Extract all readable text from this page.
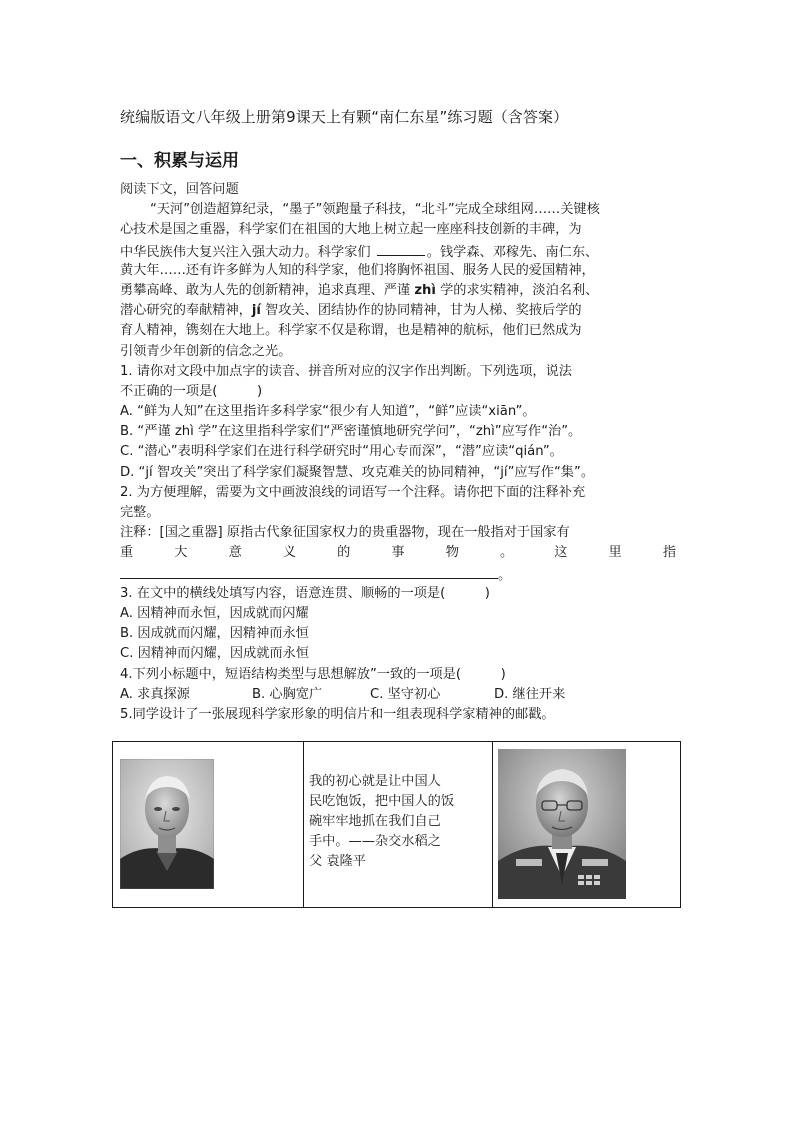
统编版语文八年级上册第9课天上有颗“南仁东星”练习题（含答案）
一、积累与运用
阅读下文，回答问题
“天河”创造超算纪录，“墨子”领跑量子科技，“北斗”完成全球组网……关键核
心技术是国之重器，科学家们在祖国的大地上树立起一座座科技创新的丰碑，为
中华民族伟大复兴注入强大动力。科学家们	。钱学森、邓稼先、南仁东、
黄大年……还有许多鲜为人知的科学家，他们将胸怀祖国、服务人民的爱国精神，
勇攀高峰、敢为人先的创新精神，追求真理、严谨 zhì 学的求实精神，淡泊名利、
潜心研究的奉献精神，jí 智攻关、团结协作的协同精神，甘为人梯、奖掖后学的
育人精神，镌刻在大地上。科学家不仅是称谓，也是精神的航标，他们已然成为
引领青少年创新的信念之光。
1. 请你对文段中加点字的读音、拼音所对应的汉字作出判断。下列选项，说法
不正确的一项是(　　　)
A. “鲜为人知”在这里指许多科学家“很少有人知道”，“鲜”应读“xiān”。
B. “严谨 zhì 学”在这里指科学家们“严密谨慎地研究学问”，“zhì”应写作“治”。
C. “潜心”表明科学家们在进行科学研究时“用心专而深”，“潜”应读“qián”。
D. “jí 智攻关”突出了科学家们凝聚智慧、攻克难关的协同精神，“jí”应写作“集”。
2. 为方便理解，需要为文中画波浪线的词语写一个注释。请你把下面的注释补充
完整。
注释：[国之重器] 原指古代象征国家权力的贵重器物，现在一般指对于国家有
重	大	意	义	的	事	物	。	这	里	指
。
3. 在文中的横线处填写内容，语意连贯、顺畅的一项是(　　　)
A. 因精神而永恒，因成就而闪耀
B. 因成就而闪耀，因精神而永恒
C. 因精神而闪耀，因成就而永恒
4.下列小标题中，短语结构类型与思想解放”一致的一项是(　　　)
A. 求真探源	B. 心胸宽广	C. 坚守初心	D. 继往开来
5.同学设计了一张展现科学家形象的明信片和一组表现科学家精神的邮戳。

我的初心就是让中国人
民吃饱饭，把中国人的饭
碗牢牢地抓在我们自己
手中。——杂交水稻之
父 袁隆平
